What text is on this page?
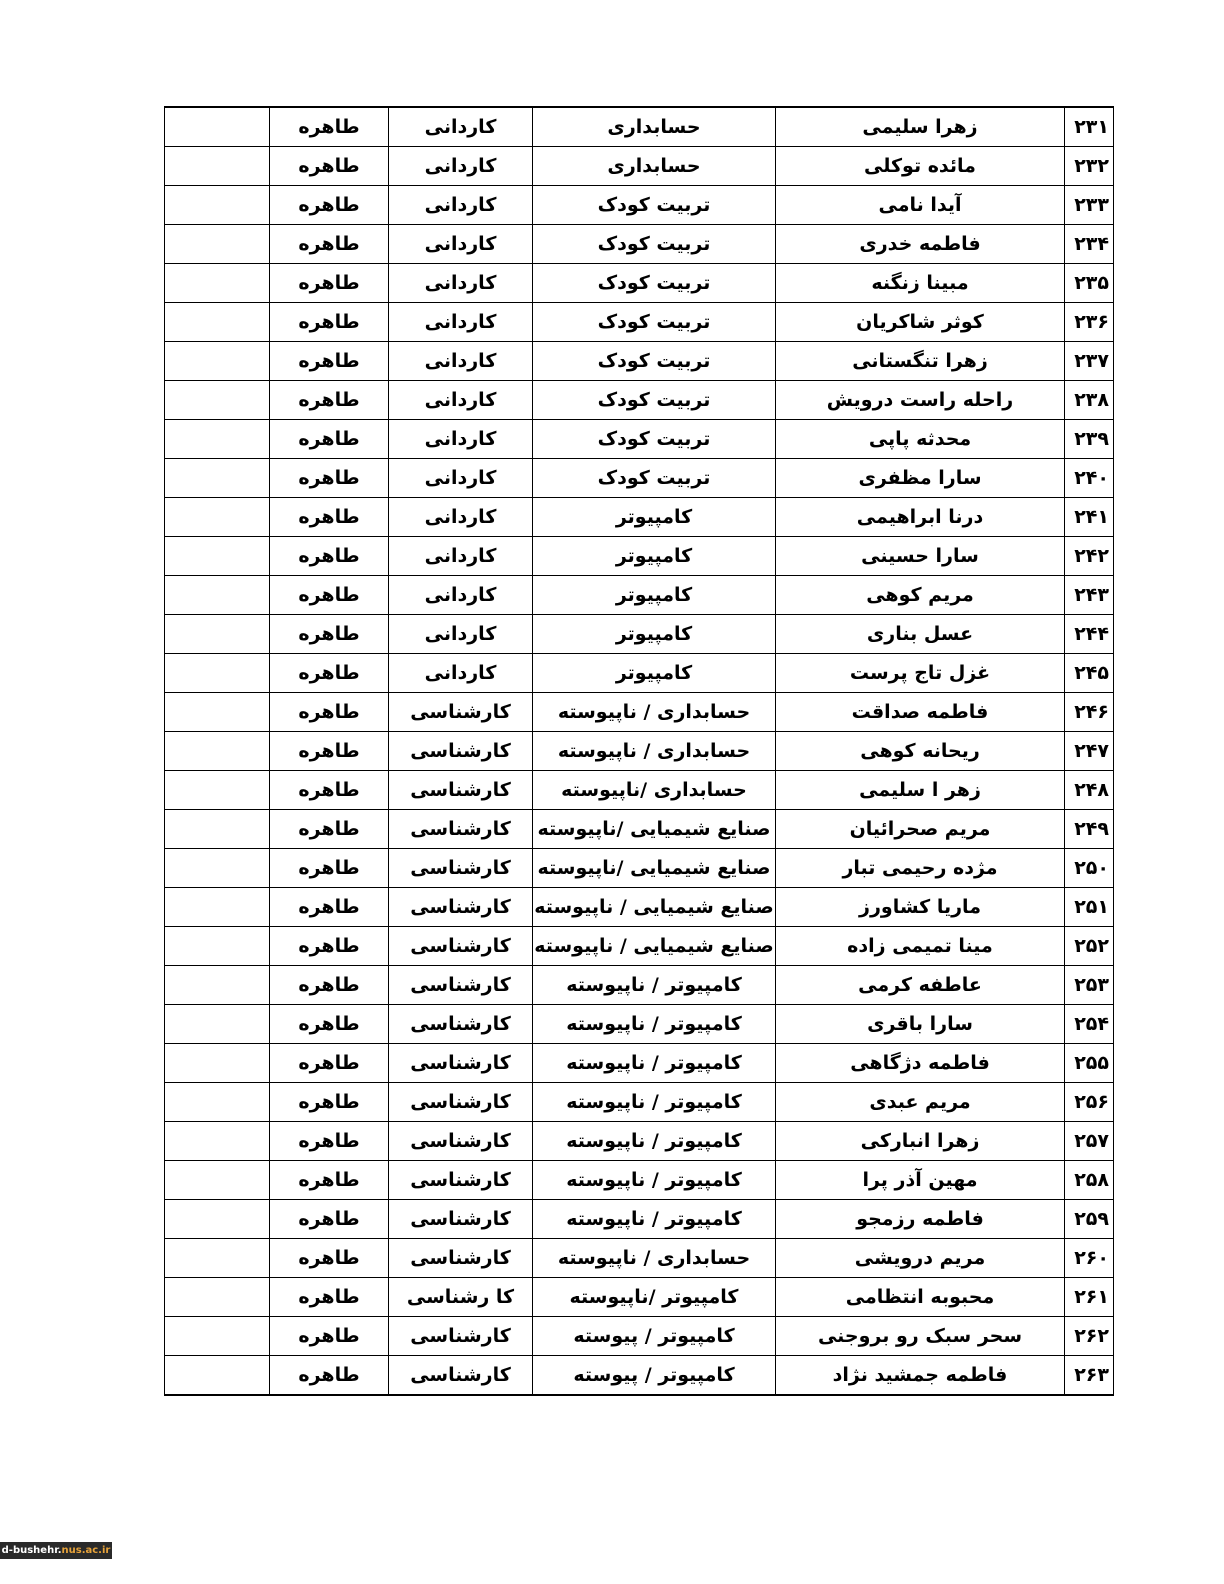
۲۳۱	زهرا سلیمی	حسابداری	کاردانی	طاهره	
۲۳۲	مائده توکلی	حسابداری	کاردانی	طاهره	
۲۳۳	آیدا نامی	تربیت کودک	کاردانی	طاهره	
۲۳۴	فاطمه خدری	تربیت کودک	کاردانی	طاهره	
۲۳۵	مبینا زنگنه	تربیت کودک	کاردانی	طاهره	
۲۳۶	کوثر شاکریان	تربیت کودک	کاردانی	طاهره	
۲۳۷	زهرا تنگستانی	تربیت کودک	کاردانی	طاهره	
۲۳۸	راحله راست درویش	تربیت کودک	کاردانی	طاهره	
۲۳۹	محدثه پاپی	تربیت کودک	کاردانی	طاهره	
۲۴۰	سارا مظفری	تربیت کودک	کاردانی	طاهره	
۲۴۱	درنا ابراهیمی	کامپیوتر	کاردانی	طاهره	
۲۴۲	سارا حسینی	کامپیوتر	کاردانی	طاهره	
۲۴۳	مریم کوهی	کامپیوتر	کاردانی	طاهره	
۲۴۴	عسل بناری	کامپیوتر	کاردانی	طاهره	
۲۴۵	غزل تاج پرست	کامپیوتر	کاردانی	طاهره	
۲۴۶	فاطمه صداقت	حسابداری / ناپیوسته	کارشناسی	طاهره	
۲۴۷	ریحانه کوهی	حسابداری / ناپیوسته	کارشناسی	طاهره	
۲۴۸	زهر ا سلیمی	حسابداری /ناپیوسته	کارشناسی	طاهره	
۲۴۹	مریم صحرائیان	صنایع شیمیایی /ناپیوسته	کارشناسی	طاهره	
۲۵۰	مژده رحیمی تبار	صنایع شیمیایی /ناپیوسته	کارشناسی	طاهره	
۲۵۱	ماریا کشاورز	صنایع شیمیایی / ناپیوسته	کارشناسی	طاهره	
۲۵۲	مینا تمیمی زاده	صنایع شیمیایی / ناپیوسته	کارشناسی	طاهره	
۲۵۳	عاطفه کرمی	کامپیوتر / ناپیوسته	کارشناسی	طاهره	
۲۵۴	سارا باقری	کامپیوتر / ناپیوسته	کارشناسی	طاهره	
۲۵۵	فاطمه دژگاهی	کامپیوتر / ناپیوسته	کارشناسی	طاهره	
۲۵۶	مریم عبدی	کامپیوتر / ناپیوسته	کارشناسی	طاهره	
۲۵۷	زهرا انبارکی	کامپیوتر / ناپیوسته	کارشناسی	طاهره	
۲۵۸	مهین آذر پرا	کامپیوتر / ناپیوسته	کارشناسی	طاهره	
۲۵۹	فاطمه رزمجو	کامپیوتر / ناپیوسته	کارشناسی	طاهره	
۲۶۰	مریم درویشی	حسابداری / ناپیوسته	کارشناسی	طاهره	
۲۶۱	محبوبه انتظامی	کامپیوتر /ناپیوسته	کا رشناسی	طاهره	
۲۶۲	سحر سبک رو بروجنی	کامپیوتر / پیوسته	کارشناسی	طاهره	
۲۶۳	فاطمه جمشید نژاد	کامپیوتر / پیوسته	کارشناسی	طاهره	
d-bushehr.nus.ac.ir
